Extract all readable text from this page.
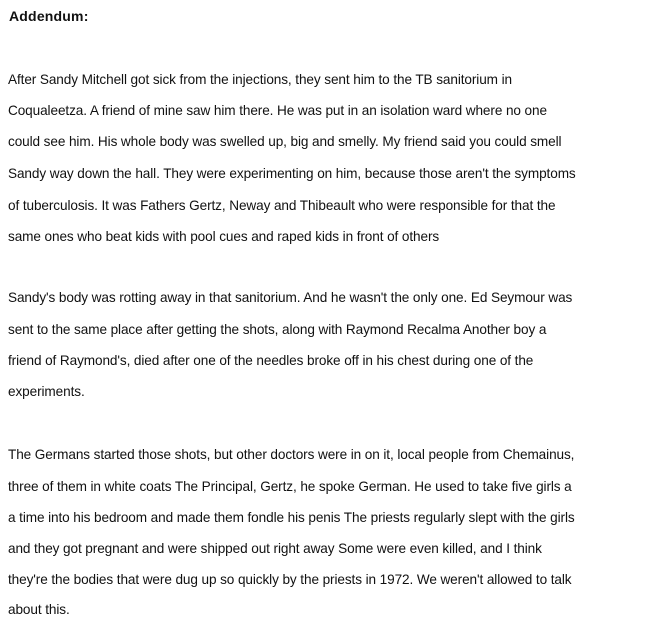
Addendum:
After Sandy Mitchell got sick from the injections, they sent him to the TB sanitorium in
Coqualeetza. A friend of mine saw him there. He was put in an isolation ward where no one
could see him. His whole body was swelled up, big and smelly. My friend said you could smell
Sandy way down the hall. They were experimenting on him, because those aren't the symptoms
of tuberculosis. It was Fathers Gertz, Neway and Thibeault who were responsible for that the
same ones who beat kids with pool cues and raped kids in front of others
Sandy's body was rotting away in that sanitorium. And he wasn't the only one. Ed Seymour was
sent to the same place after getting the shots, along with Raymond Recalma Another boy a
friend of Raymond's, died after one of the needles broke off in his chest during one of the
experiments.
The Germans started those shots, but other doctors were in on it, local people from Chemainus,
three of them in white coats The Principal, Gertz, he spoke German. He used to take five girls a
a time into his bedroom and made them fondle his penis The priests regularly slept with the girls
and they got pregnant and were shipped out right away Some were even killed, and I think
they're the bodies that were dug up so quickly by the priests in 1972. We weren't allowed to talk
about this.
